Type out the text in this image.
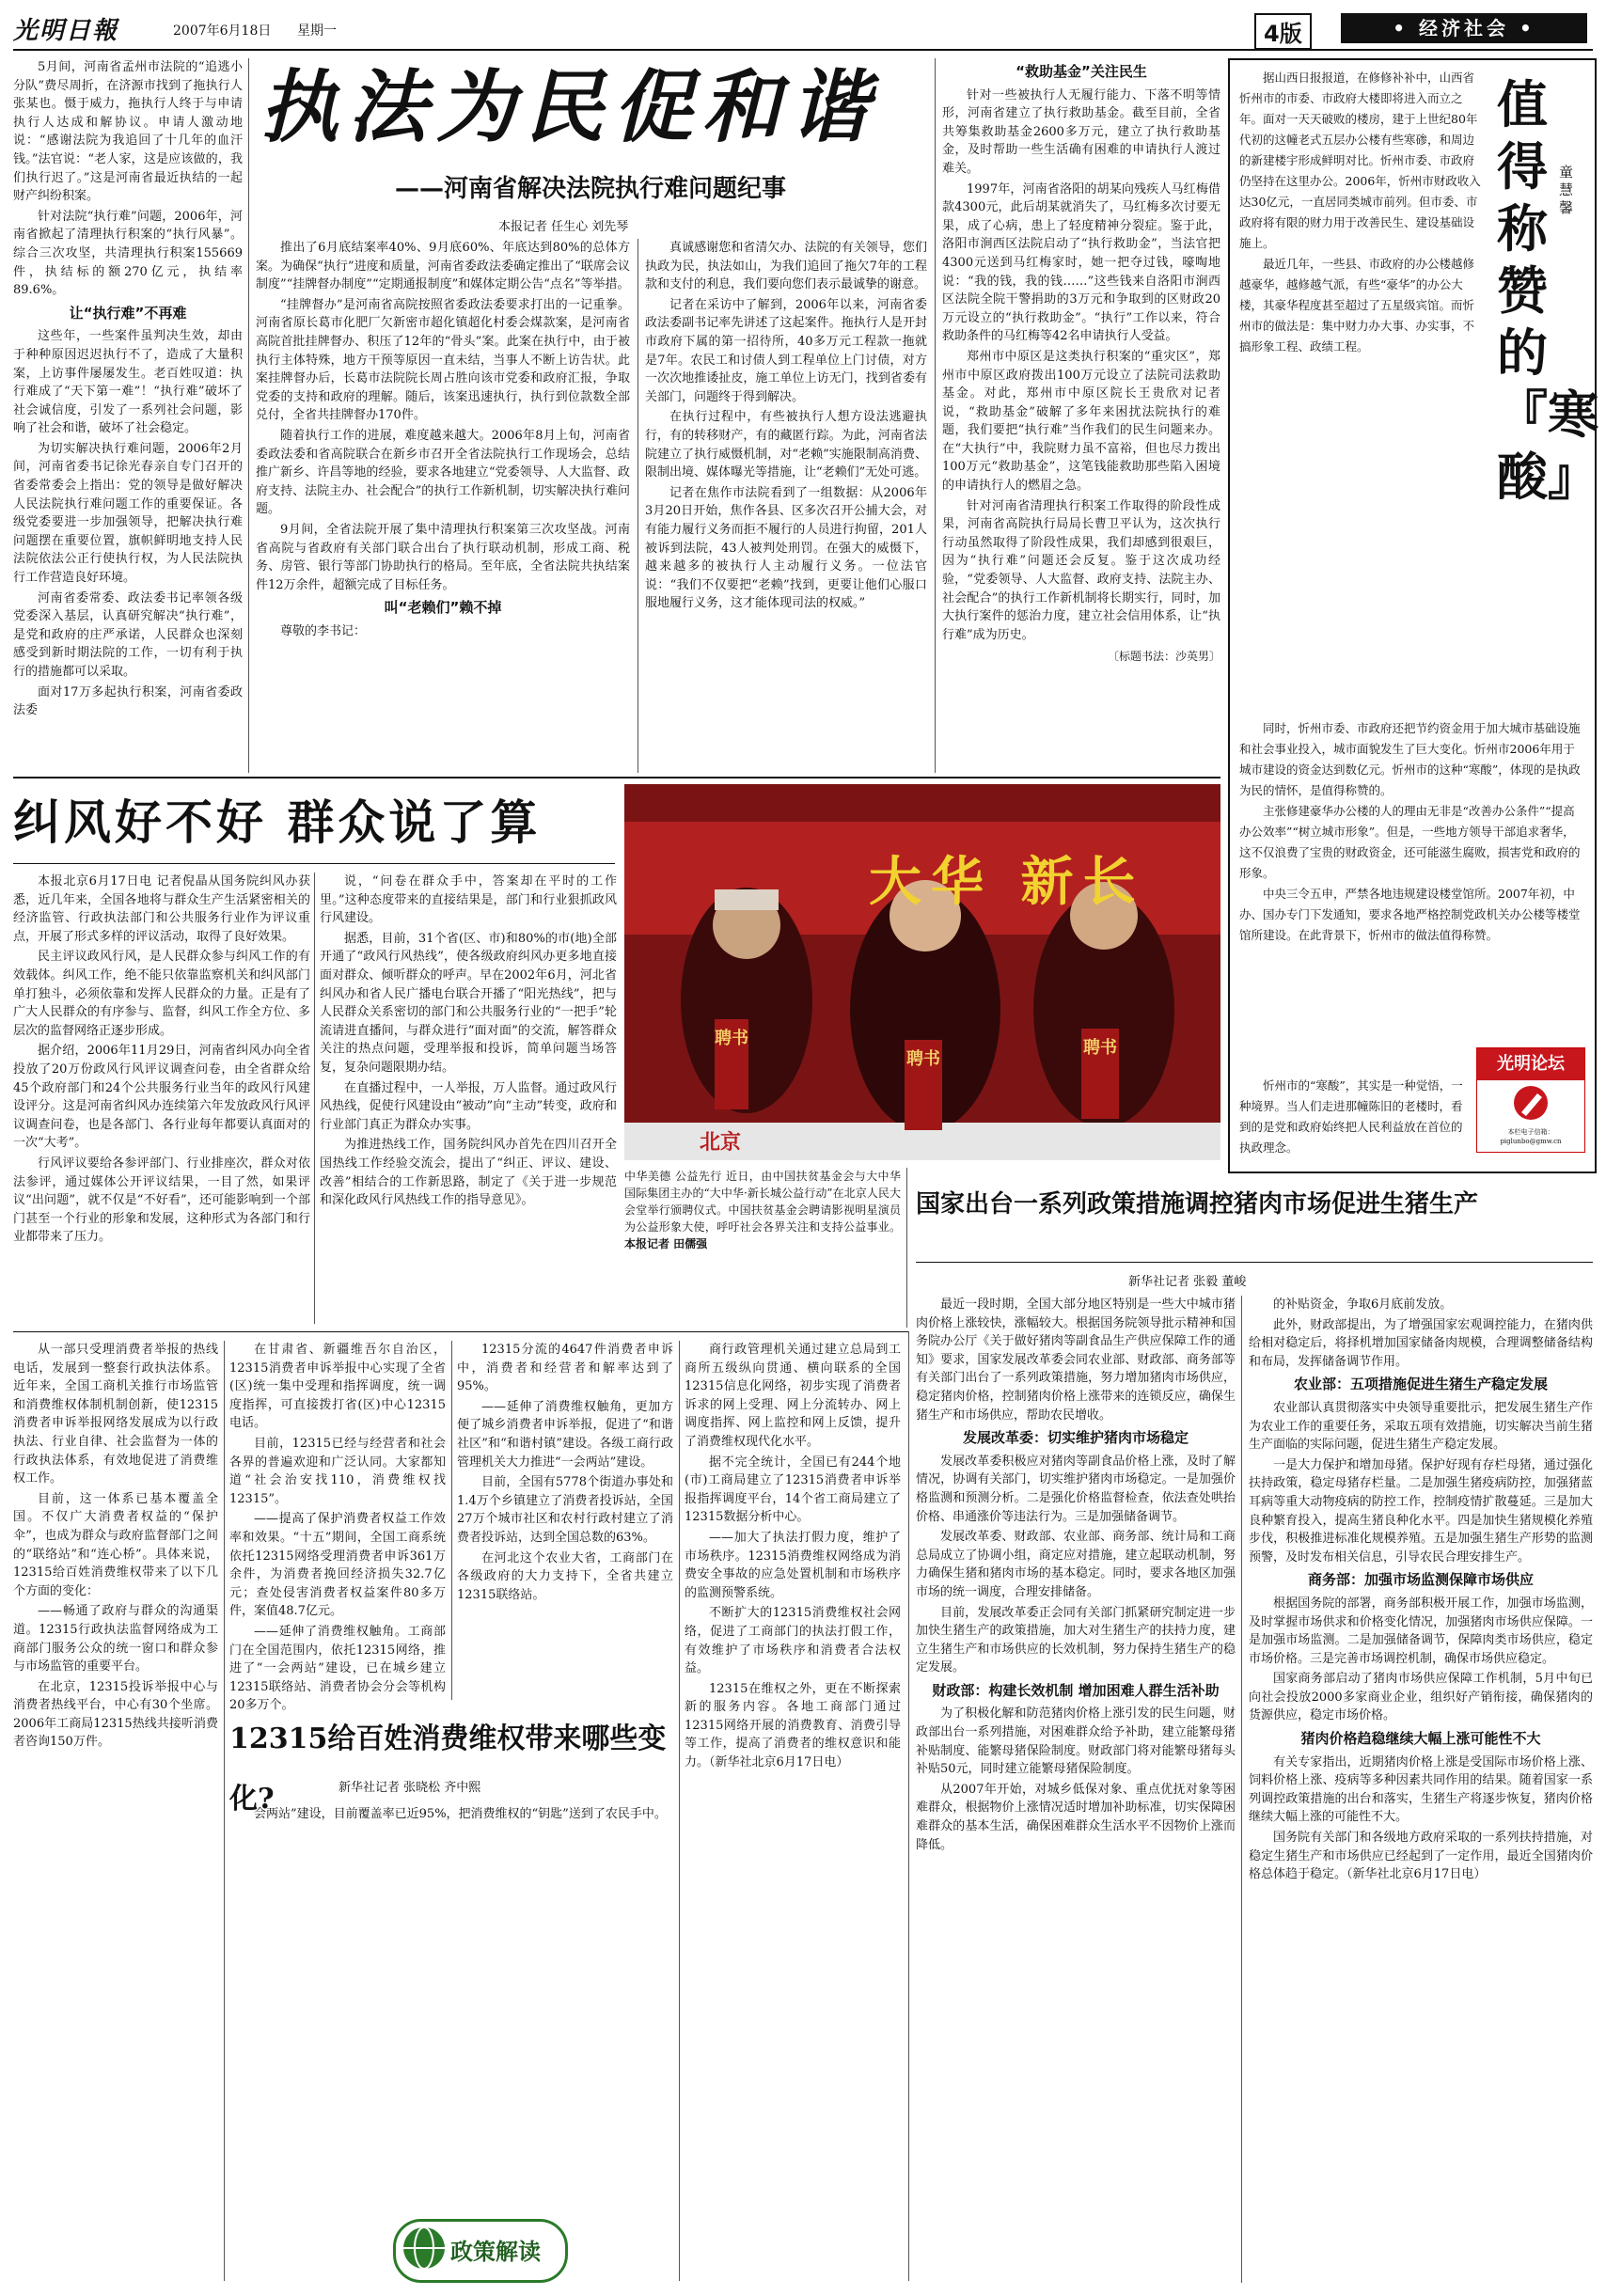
光明日報	2007年6月18日 星期一	4版	• 经济社会 •

5月间，河南省孟州市法院的“追逃小分队”费尽周折，在济源市找到了拖执行人张某也。慑于威力，拖执行人终于与申请执行人达成和解协议。申请人激动地说：“感谢法院为我追回了十几年的血汗钱。”法官说：“老人家，这是应该做的，我们执行迟了。”这是河南省最近执结的一起财产纠纷积案。

针对法院“执行难”问题，2006年，河南省掀起了清理执行积案的“执行风暴”。综合三次攻坚，共清理执行积案155669件，执结标的额270亿元，执结率89.6%。

让“执行难”不再难

这些年，一些案件虽判决生效，却由于种种原因迟迟执行不了，造成了大量积案，上访事件屡屡发生。老百姓叹道：执行难成了“天下第一难”！“执行难”破坏了社会诚信度，引发了一系列社会问题，影响了社会和谐，破坏了社会稳定。

为切实解决执行难问题，2006年2月间，河南省委书记徐光春亲自专门召开的省委常委会上指出：党的领导是做好解决人民法院执行难问题工作的重要保证。各级党委要进一步加强领导，把解决执行难问题摆在重要位置，旗帜鲜明地支持人民法院依法公正行使执行权，为人民法院执行工作营造良好环境。

河南省委常委、政法委书记率领各级党委深入基层，认真研究解决“执行难”，是党和政府的庄严承诺，人民群众也深刻感受到新时期法院的工作，一切有利于执行的措施都可以采取。

面对17万多起执行积案，河南省委政法委

执法为民促和谐
——河南省解决法院执行难问题纪事
本报记者 任生心 刘先琴

推出了6月底结案率40%、9月底60%、年底达到80%的总体方案。为确保“执行”进度和质量，河南省委政法委确定推出了“联席会议制度”“挂牌督办制度”“定期通报制度”和媒体定期公告“点名”等举措。

“挂牌督办”是河南省高院按照省委政法委要求打出的一记重拳。河南省原长葛市化肥厂欠新密市超化镇超化村委会煤款案，是河南省高院首批挂牌督办、积压了12年的“骨头”案。此案在执行中，由于被执行主体特殊，地方干预等原因一直未结，当事人不断上访告状。此案挂牌督办后，长葛市法院院长周占胜向该市党委和政府汇报，争取党委的支持和政府的理解。随后，该案迅速执行，执行到位款数全部兑付，全省共挂牌督办170件。

随着执行工作的进展，难度越来越大。2006年8月上旬，河南省委政法委和省高院联合在新乡市召开全省法院执行工作现场会，总结推广新乡、许昌等地的经验，要求各地建立“党委领导、人大监督、政府支持、法院主办、社会配合”的执行工作新机制，切实解决执行难问题。

9月间，全省法院开展了集中清理执行积案第三次攻坚战。河南省高院与省政府有关部门联合出台了执行联动机制，形成工商、税务、房管、银行等部门协助执行的格局。至年底，全省法院共执结案件12万余件，超额完成了目标任务。

叫“老赖们”赖不掉

尊敬的李书记：

真诚感谢您和省清欠办、法院的有关领导，您们执政为民，执法如山，为我们追回了拖欠7年的工程款和支付的利息，我们要向您们表示最诚挚的谢意。

记者在采访中了解到，2006年以来，河南省委政法委副书记率先讲述了这起案件。拖执行人是开封市政府下属的第一招待所，40多万元工程款一拖就是7年。农民工和讨债人到工程单位上门讨债，对方一次次地推诿扯皮，施工单位上访无门，找到省委有关部门，问题终于得到解决。

在执行过程中，有些被执行人想方设法逃避执行，有的转移财产，有的藏匿行踪。为此，河南省法院建立了执行威慑机制，对“老赖”实施限制高消费、限制出境、媒体曝光等措施，让“老赖们”无处可逃。

记者在焦作市法院看到了一组数据：从2006年3月20日开始，焦作各县、区多次召开公捕大会，对有能力履行义务而拒不履行的人员进行拘留，201人被诉到法院，43人被判处刑罚。在强大的威慑下，越来越多的被执行人主动履行义务。一位法官说：“我们不仅要把“老赖”找到，更要让他们心服口服地履行义务，这才能体现司法的权威。”

“救助基金”关注民生

针对一些被执行人无履行能力、下落不明等情形，河南省建立了执行救助基金。截至目前，全省共筹集救助基金2600多万元，建立了执行救助基金，及时帮助一些生活确有困难的申请执行人渡过难关。

1997年，河南省洛阳的胡某向残疾人马红梅借款4300元，此后胡某就消失了，马红梅多次讨要无果，成了心病，患上了轻度精神分裂症。鉴于此，洛阳市涧西区法院启动了“执行救助金”，当法官把4300元送到马红梅家时，她一把夺过钱，嚎啕地说：“我的钱，我的钱……”这些钱来自洛阳市涧西区法院全院干警捐助的3万元和争取到的区财政20万元设立的“执行救助金”。“执行”工作以来，符合救助条件的马红梅等42名申请执行人受益。

郑州市中原区是这类执行积案的“重灾区”，郑州市中原区政府拨出100万元设立了法院司法救助基金。对此，郑州市中原区院长王贵欣对记者说，“救助基金”破解了多年来困扰法院执行的难题，我们要把“执行难”当作我们的民生问题来办。在“大执行”中，我院财力虽不富裕，但也尽力拨出100万元“救助基金”，这笔钱能救助那些陷入困境的申请执行人的燃眉之急。

针对河南省清理执行积案工作取得的阶段性成果，河南省高院执行局局长曹卫平认为，这次执行行动虽然取得了阶段性成果，我们却感到很艰巨，因为“执行难”问题还会反复。鉴于这次成功经验，“党委领导、人大监督、政府支持、法院主办、社会配合”的执行工作新机制将长期实行，同时，加大执行案件的惩治力度，建立社会信用体系，让“执行难”成为历史。

〔标题书法：沙英男〕

据山西日报报道，在修修补补中，山西省忻州市的市委、市政府大楼即将进入而立之年。面对一天天破败的楼房，建于上世纪80年代初的这幢老式五层办公楼有些寒碜，和周边的新建楼宇形成鲜明对比。忻州市委、市政府仍坚持在这里办公。2006年，忻州市财政收入达30亿元，一直居同类城市前列。但市委、市政府将有限的财力用于改善民生、建设基础设施上。

最近几年，一些县、市政府的办公楼越修越豪华，越修越气派，有些“豪华”的办公大楼，其豪华程度甚至超过了五星级宾馆。而忻州市的做法是：集中财力办大事、办实事，不搞形象工程、政绩工程。

值得称赞的『寒酸』
童慧馨

同时，忻州市委、市政府还把节约资金用于加大城市基础设施和社会事业投入，城市面貌发生了巨大变化。忻州市2006年用于城市建设的资金达到数亿元。忻州市的这种“寒酸”，体现的是执政为民的情怀，是值得称赞的。

主张修建豪华办公楼的人的理由无非是“改善办公条件”“提高办公效率”“树立城市形象”。但是，一些地方领导干部追求奢华，这不仅浪费了宝贵的财政资金，还可能滋生腐败，损害党和政府的形象。

中央三令五申，严禁各地违规建设楼堂馆所。2007年初，中办、国办专门下发通知，要求各地严格控制党政机关办公楼等楼堂馆所建设。在此背景下，忻州市的做法值得称赞。

忻州市的“寒酸”，其实是一种觉悟，一种境界。当人们走进那幢陈旧的老楼时，看到的是党和政府始终把人民利益放在首位的执政理念。

光明论坛
本栏电子信箱：piglunbo@gmw.cn
纠风好不好 群众说了算

本报北京6月17日电 记者倪晶从国务院纠风办获悉，近几年来，全国各地将与群众生产生活紧密相关的经济监管、行政执法部门和公共服务行业作为评议重点，开展了形式多样的评议活动，取得了良好效果。

民主评议政风行风，是人民群众参与纠风工作的有效载体。纠风工作，绝不能只依靠监察机关和纠风部门单打独斗，必须依靠和发挥人民群众的力量。正是有了广大人民群众的有序参与、监督，纠风工作全方位、多层次的监督网络正逐步形成。

据介绍，2006年11月29日，河南省纠风办向全省投放了20万份政风行风评议调查问卷，由全省群众给45个政府部门和24个公共服务行业当年的政风行风建设评分。这是河南省纠风办连续第六年发放政风行风评议调查问卷，也是各部门、各行业每年都要认真面对的一次“大考”。

行风评议要给各参评部门、行业排座次，群众对依法参评，通过媒体公开评议结果，一目了然，如果评议“出问题”，就不仅是“不好看”，还可能影响到一个部门甚至一个行业的形象和发展，这种形式为各部门和行业都带来了压力。

说，“问卷在群众手中，答案却在平时的工作里。”这种态度带来的直接结果是，部门和行业狠抓政风行风建设。

据悉，目前，31个省(区、市)和80%的市(地)全部开通了“政风行风热线”，使各级政府纠风办更多地直接面对群众、倾听群众的呼声。早在2002年6月，河北省纠风办和省人民广播电台联合开播了“阳光热线”，把与人民群众关系密切的部门和公共服务行业的“一把手”轮流请进直播间，与群众进行“面对面”的交流，解答群众关注的热点问题，受理举报和投诉，简单问题当场答复，复杂问题限期办结。

在直播过程中，一人举报，万人监督。通过政风行风热线，促使行风建设由“被动”向“主动”转变，政府和行业部门真正为群众办实事。

为推进热线工作，国务院纠风办首先在四川召开全国热线工作经验交流会，提出了“纠正、评议、建设、改善”相结合的工作新思路，制定了《关于进一步规范和深化政风行风热线工作的指导意见》。

大华 新长
聘书
聘书
聘书
北京
中华美德 公益先行 近日，由中国扶贫基金会与大中华国际集团主办的“大中华·新长城公益行动”在北京人民大会堂举行颁聘仪式。中国扶贫基金会聘请影视明星演员为公益形象大使，呼吁社会各界关注和支持公益事业。 本报记者 田儒强
国家出台一系列政策措施调控猪肉市场促进生猪生产
新华社记者 张毅 董峻

从一部只受理消费者举报的热线电话，发展到一整套行政执法体系。近年来，全国工商机关推行市场监管和消费维权体制机制创新，使12315消费者申诉举报网络发展成为以行政执法、行业自律、社会监督为一体的行政执法体系，有效地促进了消费维权工作。

目前，这一体系已基本覆盖全国。不仅广大消费者权益的“保护伞”，也成为群众与政府监督部门之间的“联络站”和“连心桥”。具体来说，12315给百姓消费维权带来了以下几个方面的变化：

——畅通了政府与群众的沟通渠道。12315行政执法监督网络成为工商部门服务公众的统一窗口和群众参与市场监管的重要平台。

在北京，12315投诉举报中心与消费者热线平台，中心有30个坐席。2006年工商局12315热线共接听消费者咨询150万件。

在甘肃省、新疆维吾尔自治区，12315消费者申诉举报中心实现了全省(区)统一集中受理和指挥调度，统一调度指挥，可直接拨打省(区)中心12315电话。

目前，12315已经与经营者和社会各界的普遍欢迎和广泛认同。大家都知道“社会治安找110，消费维权找12315”。

——提高了保护消费者权益工作效率和效果。“十五”期间，全国工商系统依托12315网络受理消费者申诉361万余件，为消费者挽回经济损失32.7亿元；查处侵害消费者权益案件80多万件，案值48.7亿元。

——延伸了消费维权触角。工商部门在全国范围内，依托12315网络，推进了“一会两站”建设，已在城乡建立12315联络站、消费者协会分会等机构20多万个。

12315分流的4647件消费者申诉中，消费者和经营者和解率达到了95%。

——延伸了消费维权触角，更加方便了城乡消费者申诉举报，促进了“和谐社区”和“和谐村镇”建设。各级工商行政管理机关大力推进“一会两站”建设。

目前，全国有5778个街道办事处和1.4万个乡镇建立了消费者投诉站，全国27万个城市社区和农村行政村建立了消费者投诉站，达到全国总数的63%。

在河北这个农业大省，工商部门在各级政府的大力支持下，全省共建立12315联络站。

12315给百姓消费维权带来哪些变化?	新华社记者 张晓松 齐中熙

会两站”建设，目前覆盖率已近95%，把消费维权的“钥匙”送到了农民手中。

商行政管理机关通过建立总局到工商所五级纵向贯通、横向联系的全国12315信息化网络，初步实现了消费者诉求的网上受理、网上分流转办、网上调度指挥、网上监控和网上反馈，提升了消费维权现代化水平。

据不完全统计，全国已有244个地(市)工商局建立了12315消费者申诉举报指挥调度平台，14个省工商局建立了12315数据分析中心。

——加大了执法打假力度，维护了市场秩序。12315消费维权网络成为消费安全事故的应急处置机制和市场秩序的监测预警系统。

不断扩大的12315消费维权社会网络，促进了工商部门的执法打假工作，有效维护了市场秩序和消费者合法权益。

12315在维权之外，更在不断探索新的服务内容。各地工商部门通过12315网络开展的消费教育、消费引导等工作，提高了消费者的维权意识和能力。（新华社北京6月17日电）

政策解读

最近一段时期，全国大部分地区特别是一些大中城市猪肉价格上涨较快，涨幅较大。根据国务院领导批示精神和国务院办公厅《关于做好猪肉等副食品生产供应保障工作的通知》要求，国家发展改革委会同农业部、财政部、商务部等有关部门出台了一系列政策措施，努力增加猪肉市场供应，稳定猪肉价格，控制猪肉价格上涨带来的连锁反应，确保生猪生产和市场供应，帮助农民增收。

发展改革委：切实维护猪肉市场稳定

发展改革委积极应对猪肉等副食品价格上涨，及时了解情况，协调有关部门，切实维护猪肉市场稳定。一是加强价格监测和预测分析。二是强化价格监督检查，依法查处哄抬价格、串通涨价等违法行为。三是加强储备调节。

发展改革委、财政部、农业部、商务部、统计局和工商总局成立了协调小组，商定应对措施，建立起联动机制，努力确保生猪和猪肉市场的基本稳定。同时，要求各地区加强市场的统一调度，合理安排储备。

目前，发展改革委正会同有关部门抓紧研究制定进一步加快生猪生产的政策措施，加大对生猪生产的扶持力度，建立生猪生产和市场供应的长效机制，努力保持生猪生产的稳定发展。

财政部：构建长效机制 增加困难人群生活补助

为了积极化解和防范猪肉价格上涨引发的民生问题，财政部出台一系列措施，对困难群众给予补助，建立能繁母猪补贴制度、能繁母猪保险制度。财政部门将对能繁母猪每头补贴50元，同时建立能繁母猪保险制度。

从2007年开始，对城乡低保对象、重点优抚对象等困难群众，根据物价上涨情况适时增加补助标准，切实保障困难群众的基本生活，确保困难群众生活水平不因物价上涨而降低。

的补贴资金，争取6月底前发放。

此外，财政部提出，为了增强国家宏观调控能力，在猪肉供给相对稳定后，将择机增加国家储备肉规模，合理调整储备结构和布局，发挥储备调节作用。

农业部：五项措施促进生猪生产稳定发展

农业部认真贯彻落实中央领导重要批示，把发展生猪生产作为农业工作的重要任务，采取五项有效措施，切实解决当前生猪生产面临的实际问题，促进生猪生产稳定发展。

一是大力保护和增加母猪。保护好现有存栏母猪，通过强化扶持政策，稳定母猪存栏量。二是加强生猪疫病防控，加强猪蓝耳病等重大动物疫病的防控工作，控制疫情扩散蔓延。三是加大良种繁育投入，提高生猪良种化水平。四是加快生猪规模化养殖步伐，积极推进标准化规模养殖。五是加强生猪生产形势的监测预警，及时发布相关信息，引导农民合理安排生产。

商务部：加强市场监测保障市场供应

根据国务院的部署，商务部积极开展工作，加强市场监测，及时掌握市场供求和价格变化情况，加强猪肉市场供应保障。一是加强市场监测。二是加强储备调节，保障肉类市场供应，稳定市场价格。三是完善市场调控机制，确保市场供应稳定。

国家商务部启动了猪肉市场供应保障工作机制，5月中旬已向社会投放2000多家商业企业，组织好产销衔接，确保猪肉的货源供应，稳定市场价格。

猪肉价格趋稳继续大幅上涨可能性不大

有关专家指出，近期猪肉价格上涨是受国际市场价格上涨、饲料价格上涨、疫病等多种因素共同作用的结果。随着国家一系列调控政策措施的出台和落实，生猪生产将逐步恢复，猪肉价格继续大幅上涨的可能性不大。

国务院有关部门和各级地方政府采取的一系列扶持措施，对稳定生猪生产和市场供应已经起到了一定作用，最近全国猪肉价格总体趋于稳定。（新华社北京6月17日电）
